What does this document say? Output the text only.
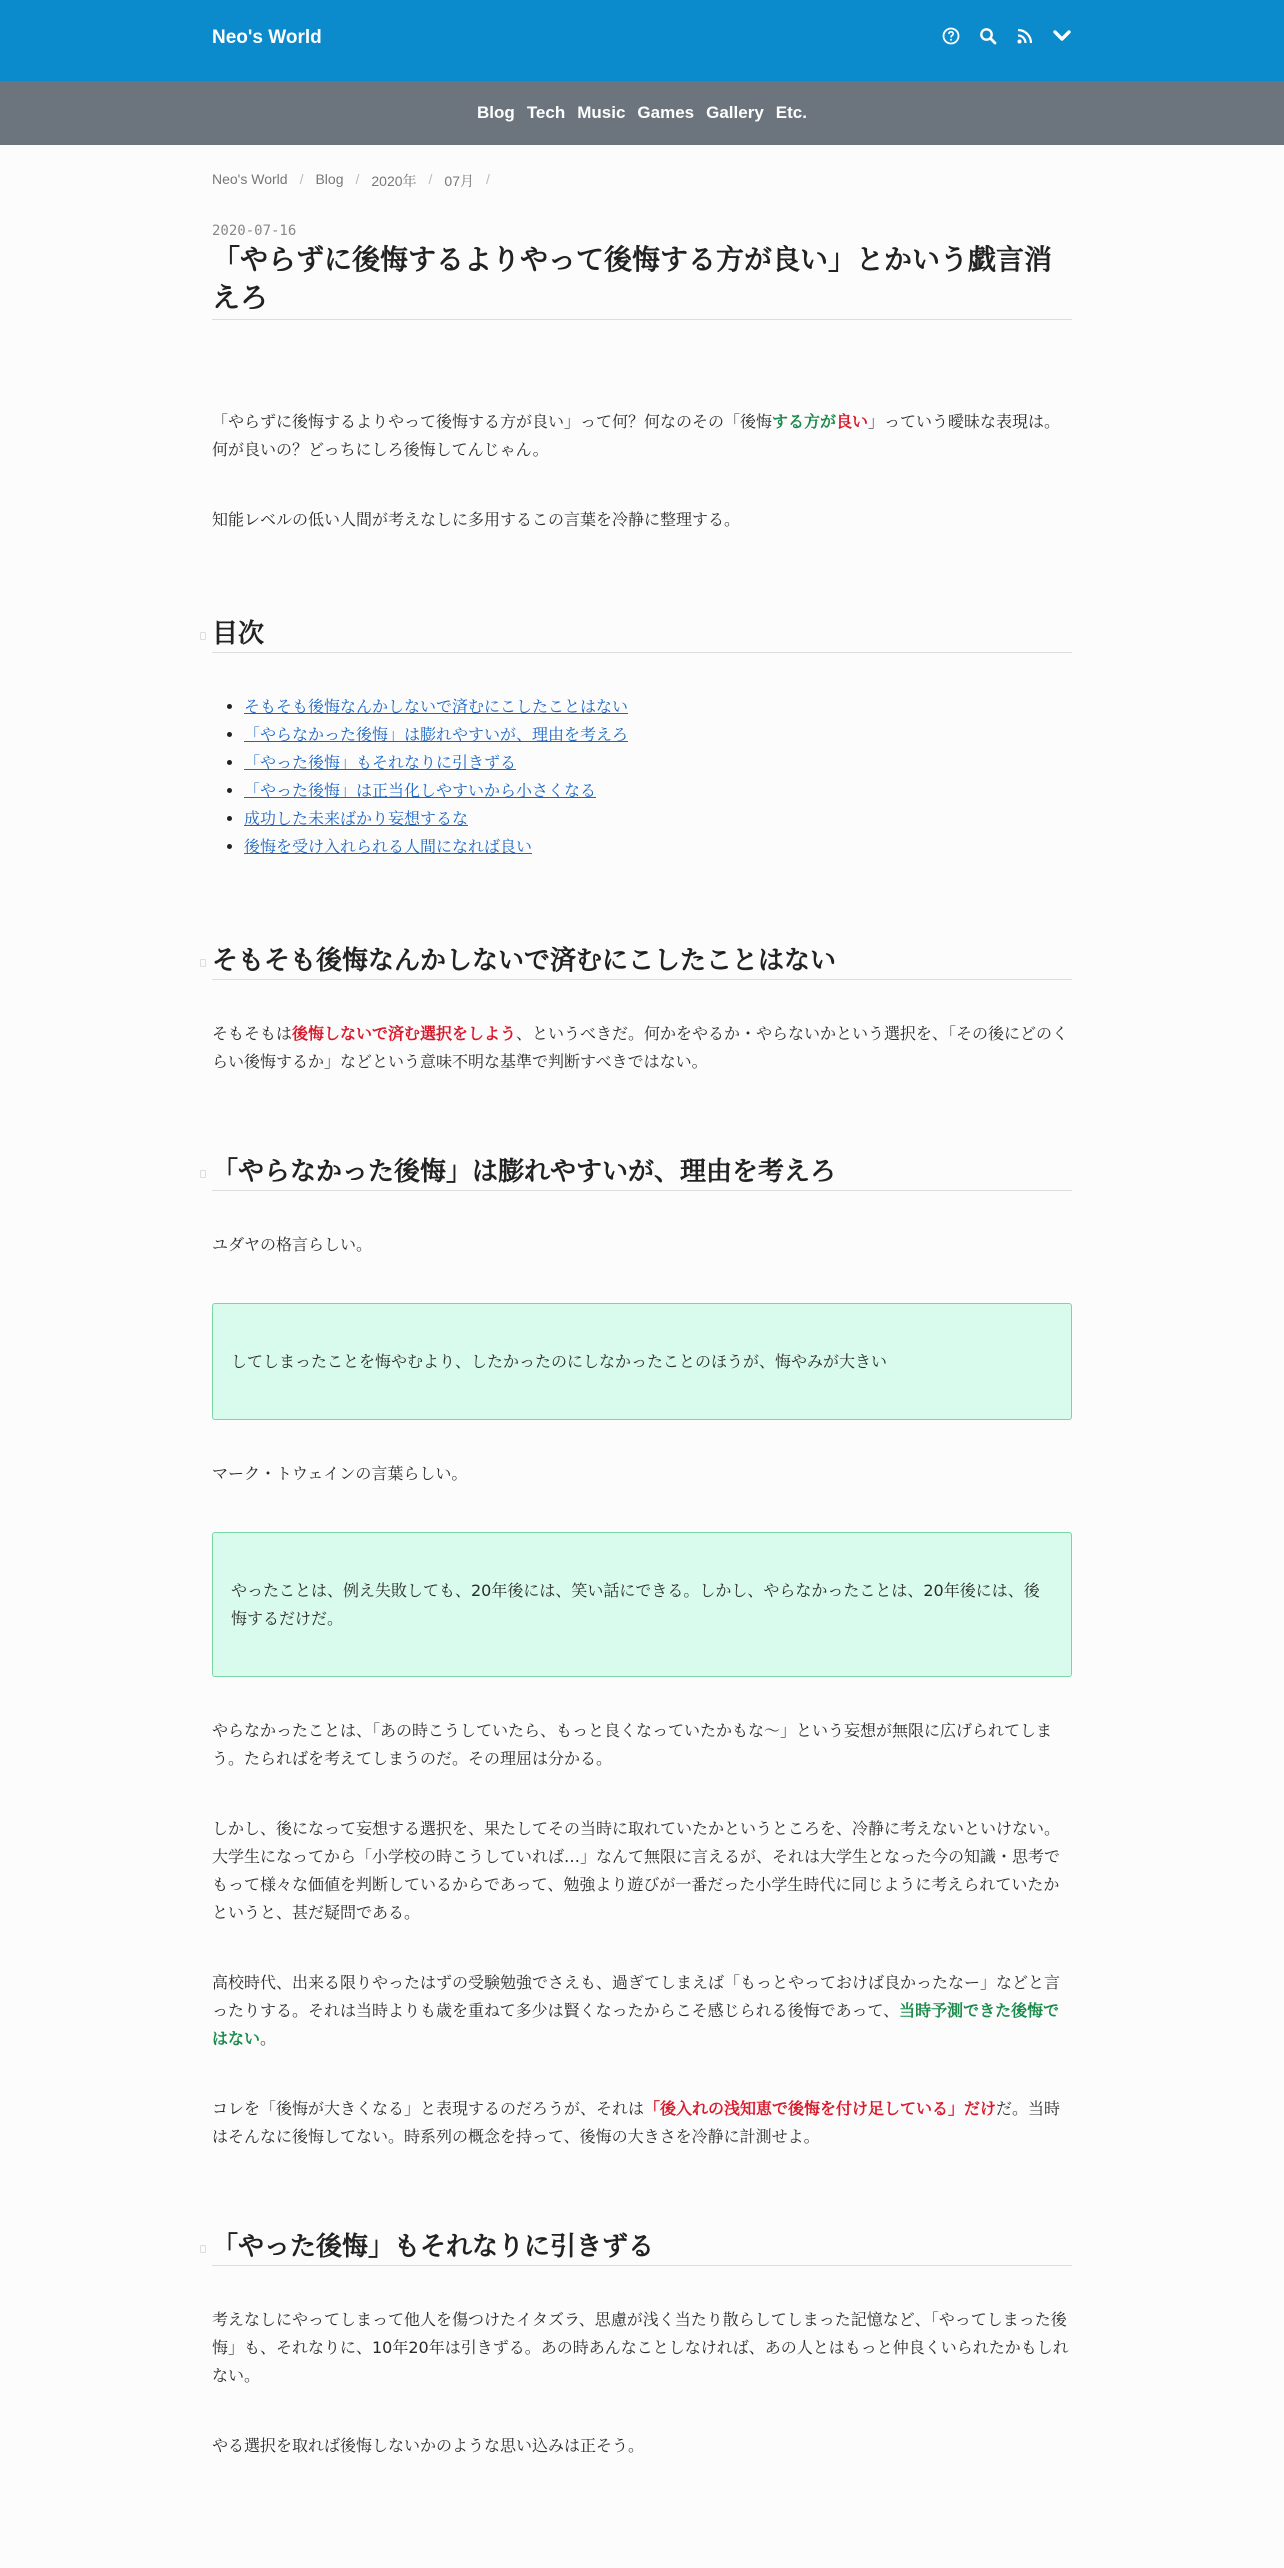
Neo's World
Blog Tech Music Games Gallery Etc.
Neo's World / Blog / 2020年 / 07月 /
2020-07-16
「やらずに後悔するよりやって後悔する方が良い」とかいう戯言消えろ

「やらずに後悔するよりやって後悔する方が良い」って何？何なのその「後悔する方が良い」っていう曖昧な表現は。何が良いの？どっちにしろ後悔してんじゃん。

知能レベルの低い人間が考えなしに多用するこの言葉を冷静に整理する。

目次
• そもそも後悔なんかしないで済むにこしたことはない
• 「やらなかった後悔」は膨れやすいが、理由を考えろ
• 「やった後悔」もそれなりに引きずる
• 「やった後悔」は正当化しやすいから小さくなる
• 成功した未来ばかり妄想するな
• 後悔を受け入れられる人間になれば良い
そもそも後悔なんかしないで済むにこしたことはない

そもそもは後悔しないで済む選択をしよう、というべきだ。何かをやるか・やらないかという選択を、「その後にどのくらい後悔するか」などという意味不明な基準で判断すべきではない。

「やらなかった後悔」は膨れやすいが、理由を考えろ

ユダヤの格言らしい。

してしまったことを悔やむより、したかったのにしなかったことのほうが、悔やみが大きい

マーク・トウェインの言葉らしい。

やったことは、例え失敗しても、20年後には、笑い話にできる。しかし、やらなかったことは、20年後には、後悔するだけだ。

やらなかったことは、「あの時こうしていたら、もっと良くなっていたかもな〜」という妄想が無限に広げられてしまう。たらればを考えてしまうのだ。その理屈は分かる。

しかし、後になって妄想する選択を、果たしてその当時に取れていたかというところを、冷静に考えないといけない。大学生になってから「小学校の時こうしていれば…」なんて無限に言えるが、それは大学生となった今の知識・思考でもって様々な価値を判断しているからであって、勉強より遊びが一番だった小学生時代に同じように考えられていたかというと、甚だ疑問である。

高校時代、出来る限りやったはずの受験勉強でさえも、過ぎてしまえば「もっとやっておけば良かったなー」などと言ったりする。それは当時よりも歳を重ねて多少は賢くなったからこそ感じられる後悔であって、当時予測できた後悔ではない。

コレを「後悔が大きくなる」と表現するのだろうが、それは「後入れの浅知恵で後悔を付け足している」だけだ。当時はそんなに後悔してない。時系列の概念を持って、後悔の大きさを冷静に計測せよ。

「やった後悔」もそれなりに引きずる

考えなしにやってしまって他人を傷つけたイタズラ、思慮が浅く当たり散らしてしまった記憶など、「やってしまった後悔」も、それなりに、10年20年は引きずる。あの時あんなことしなければ、あの人とはもっと仲良くいられたかもしれない。

やる選択を取れば後悔しないかのような思い込みは正そう。
